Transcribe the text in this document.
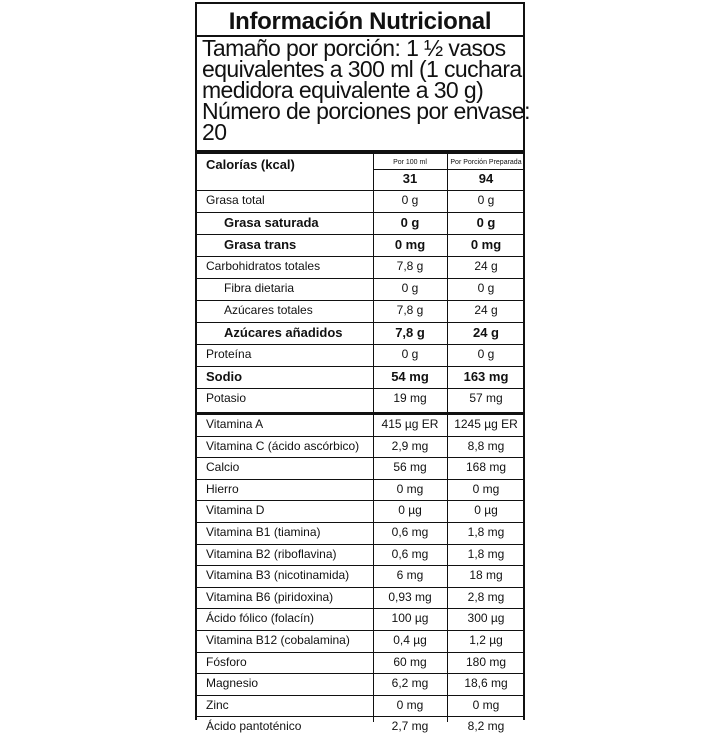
Información Nutricional
Tamaño por porción: 1 ½ vasos
equivalentes a 300 ml (1 cuchara
medidora equivalente a 30 g)
Número de porciones por envase:
20
Calorías (kcal)	Por 100 ml	Por Porción Preparada
31	94
Grasa total	0 g	0 g
Grasa saturada	0 g	0 g
Grasa trans	0 mg	0 mg
Carbohidratos totales	7,8 g	24 g
Fibra dietaria	0 g	0 g
Azúcares totales	7,8 g	24 g
Azúcares añadidos	7,8 g	24 g
Proteína	0 g	0 g
Sodio	54 mg	163 mg
Potasio	19 mg	57 mg
Vitamina A	415 µg ER	1245 µg ER
Vitamina C (ácido ascórbico)	2,9 mg	8,8 mg
Calcio	56 mg	168 mg
Hierro	0 mg	0 mg
Vitamina D	0 µg	0 µg
Vitamina B1 (tiamina)	0,6 mg	1,8 mg
Vitamina B2 (riboflavina)	0,6 mg	1,8 mg
Vitamina B3 (nicotinamida)	6 mg	18 mg
Vitamina B6 (piridoxina)	0,93 mg	2,8 mg
Ácido fólico (folacín)	100 µg	300 µg
Vitamina B12 (cobalamina)	0,4 µg	1,2 µg
Fósforo	60 mg	180 mg
Magnesio	6,2 mg	18,6 mg
Zinc	0 mg	0 mg
Ácido pantoténico	2,7 mg	8,2 mg
